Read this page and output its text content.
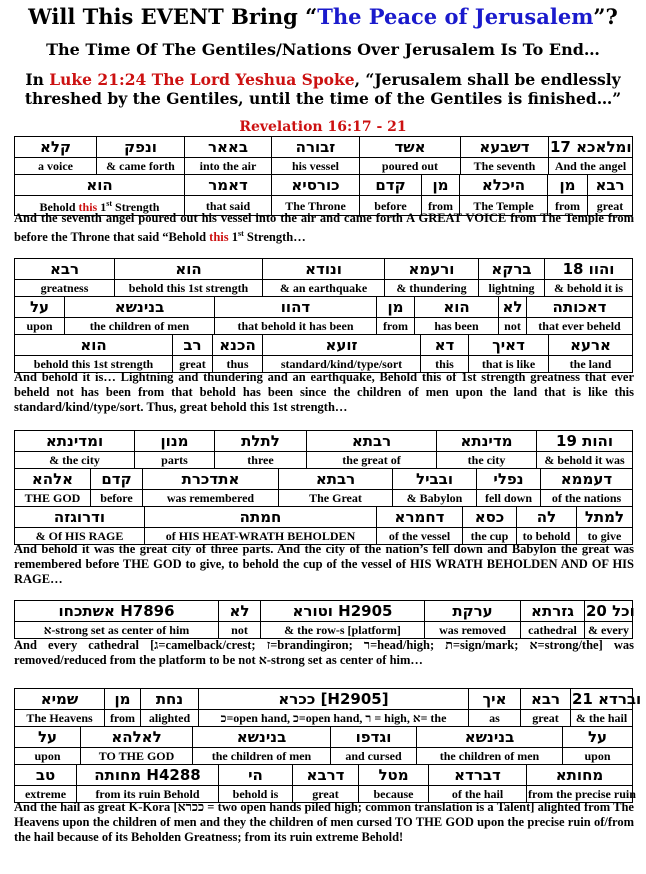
Will This EVENT Bring “The Peace of Jerusalem”?
The Time Of The Gentiles/Nations Over Jerusalem Is To End…
In Luke 21:24 The Lord Yeshua Spoke, “Jerusalem shall be endlessly threshed by the Gentiles, until the time of the Gentiles is finished…”
Revelation 16:17 - 21
קלא	ונפק	באאר	זבורה	אשד	דשבעא	ומלאכא 17
a voice	& came forth	into the air	his vessel	poured out	The seventh	And the angel
הוא	דאמר	כורסיא	קדם	מן	היכלא	מן	רבא
Behold this 1st Strength	that said	The Throne	before	from	The Temple	from	great
And the seventh angel poured out his vessel into the air and came forth A GREAT VOICE from The Temple from before the Throne that said “Behold this 1st Strength…
רבא	הוא	ונודא	ורעמא	ברקא	והוו 18
greatness	behold this 1st strength	& an earthquake	& thundering	lightning	& behold it is
על	בנינשא	דהוו	מן	הוא	לא	דאכותה
upon	the children of men	that behold it has been	from	has been	not	that ever beheld
הוא	רב	הכנא	זועא	דא	דאיך	ארעא
behold this 1st strength	great	thus	standard/kind/type/sort	this	that is like	the land
And behold it is… Lightning and thundering and an earthquake, Behold this of 1st strength greatness that ever beheld not has been from that behold has been since the children of men upon the land that is like this standard/kind/type/sort. Thus, great behold this 1st strength…
ומדינתא	מנון	לתלת	רבתא	מדינתא	והות 19
& the city	parts	three	the great of	the city	& behold it was
אלהא	קדם	אתדכרת	רבתא	ובביל	נפלי	דעממא
THE GOD	before	was remembered	The Great	& Babylon	fell down	of the nations
ודרוגזה	חמתה	דחמרא	כסא	לה	למתל
& Of HIS RAGE	of HIS HEAT-WRATH BEHOLDEN	of the vessel	the cup	to behold	to give
And behold it was the great city of three parts. And the city of the nation’s fell down and Babylon the great was remembered before THE GOD to give, to behold the cup of the vessel of HIS WRATH BEHOLDEN AND OF HIS RAGE…
אשתכחו H7896	לא	וטורא H2905	ערקת	גזרתא	וכל 20
א-strong set as center of him	not	& the row-s [platform]	was removed	cathedral	& every
And every cathedral [ג=camelback/crest; ז=brandingiron; ר=head/high; ת=sign/mark; א=strong/the] was removed/reduced from the platform to be not א-strong set as center of him…
שמיא	מן	נחת	ככרא [H2905]	איך	רבא	וברדא 21
The Heavens	from	alighted	כ=open hand, כ=open hand, ר = high, א= the	as	great	& the hail
על	לאלהא	בנינשא	וגדפו	בנינשא	על
upon	TO THE GOD	the children of men	and cursed	the children of men	upon
טב	מחותה H4288	הי	דרבא	מטל	דברדא	מחותא
extreme	from its ruin Behold	behold is	great	because	of the hail	from the precise ruin
And the hail as great K-Kora [ככרא = two open hands piled high; common translation is a Talent] alighted from The Heavens upon the children of men and they the children of men cursed TO THE GOD upon the precise ruin of/from the hail because of its Beholden Greatness; from its ruin extreme Behold!
